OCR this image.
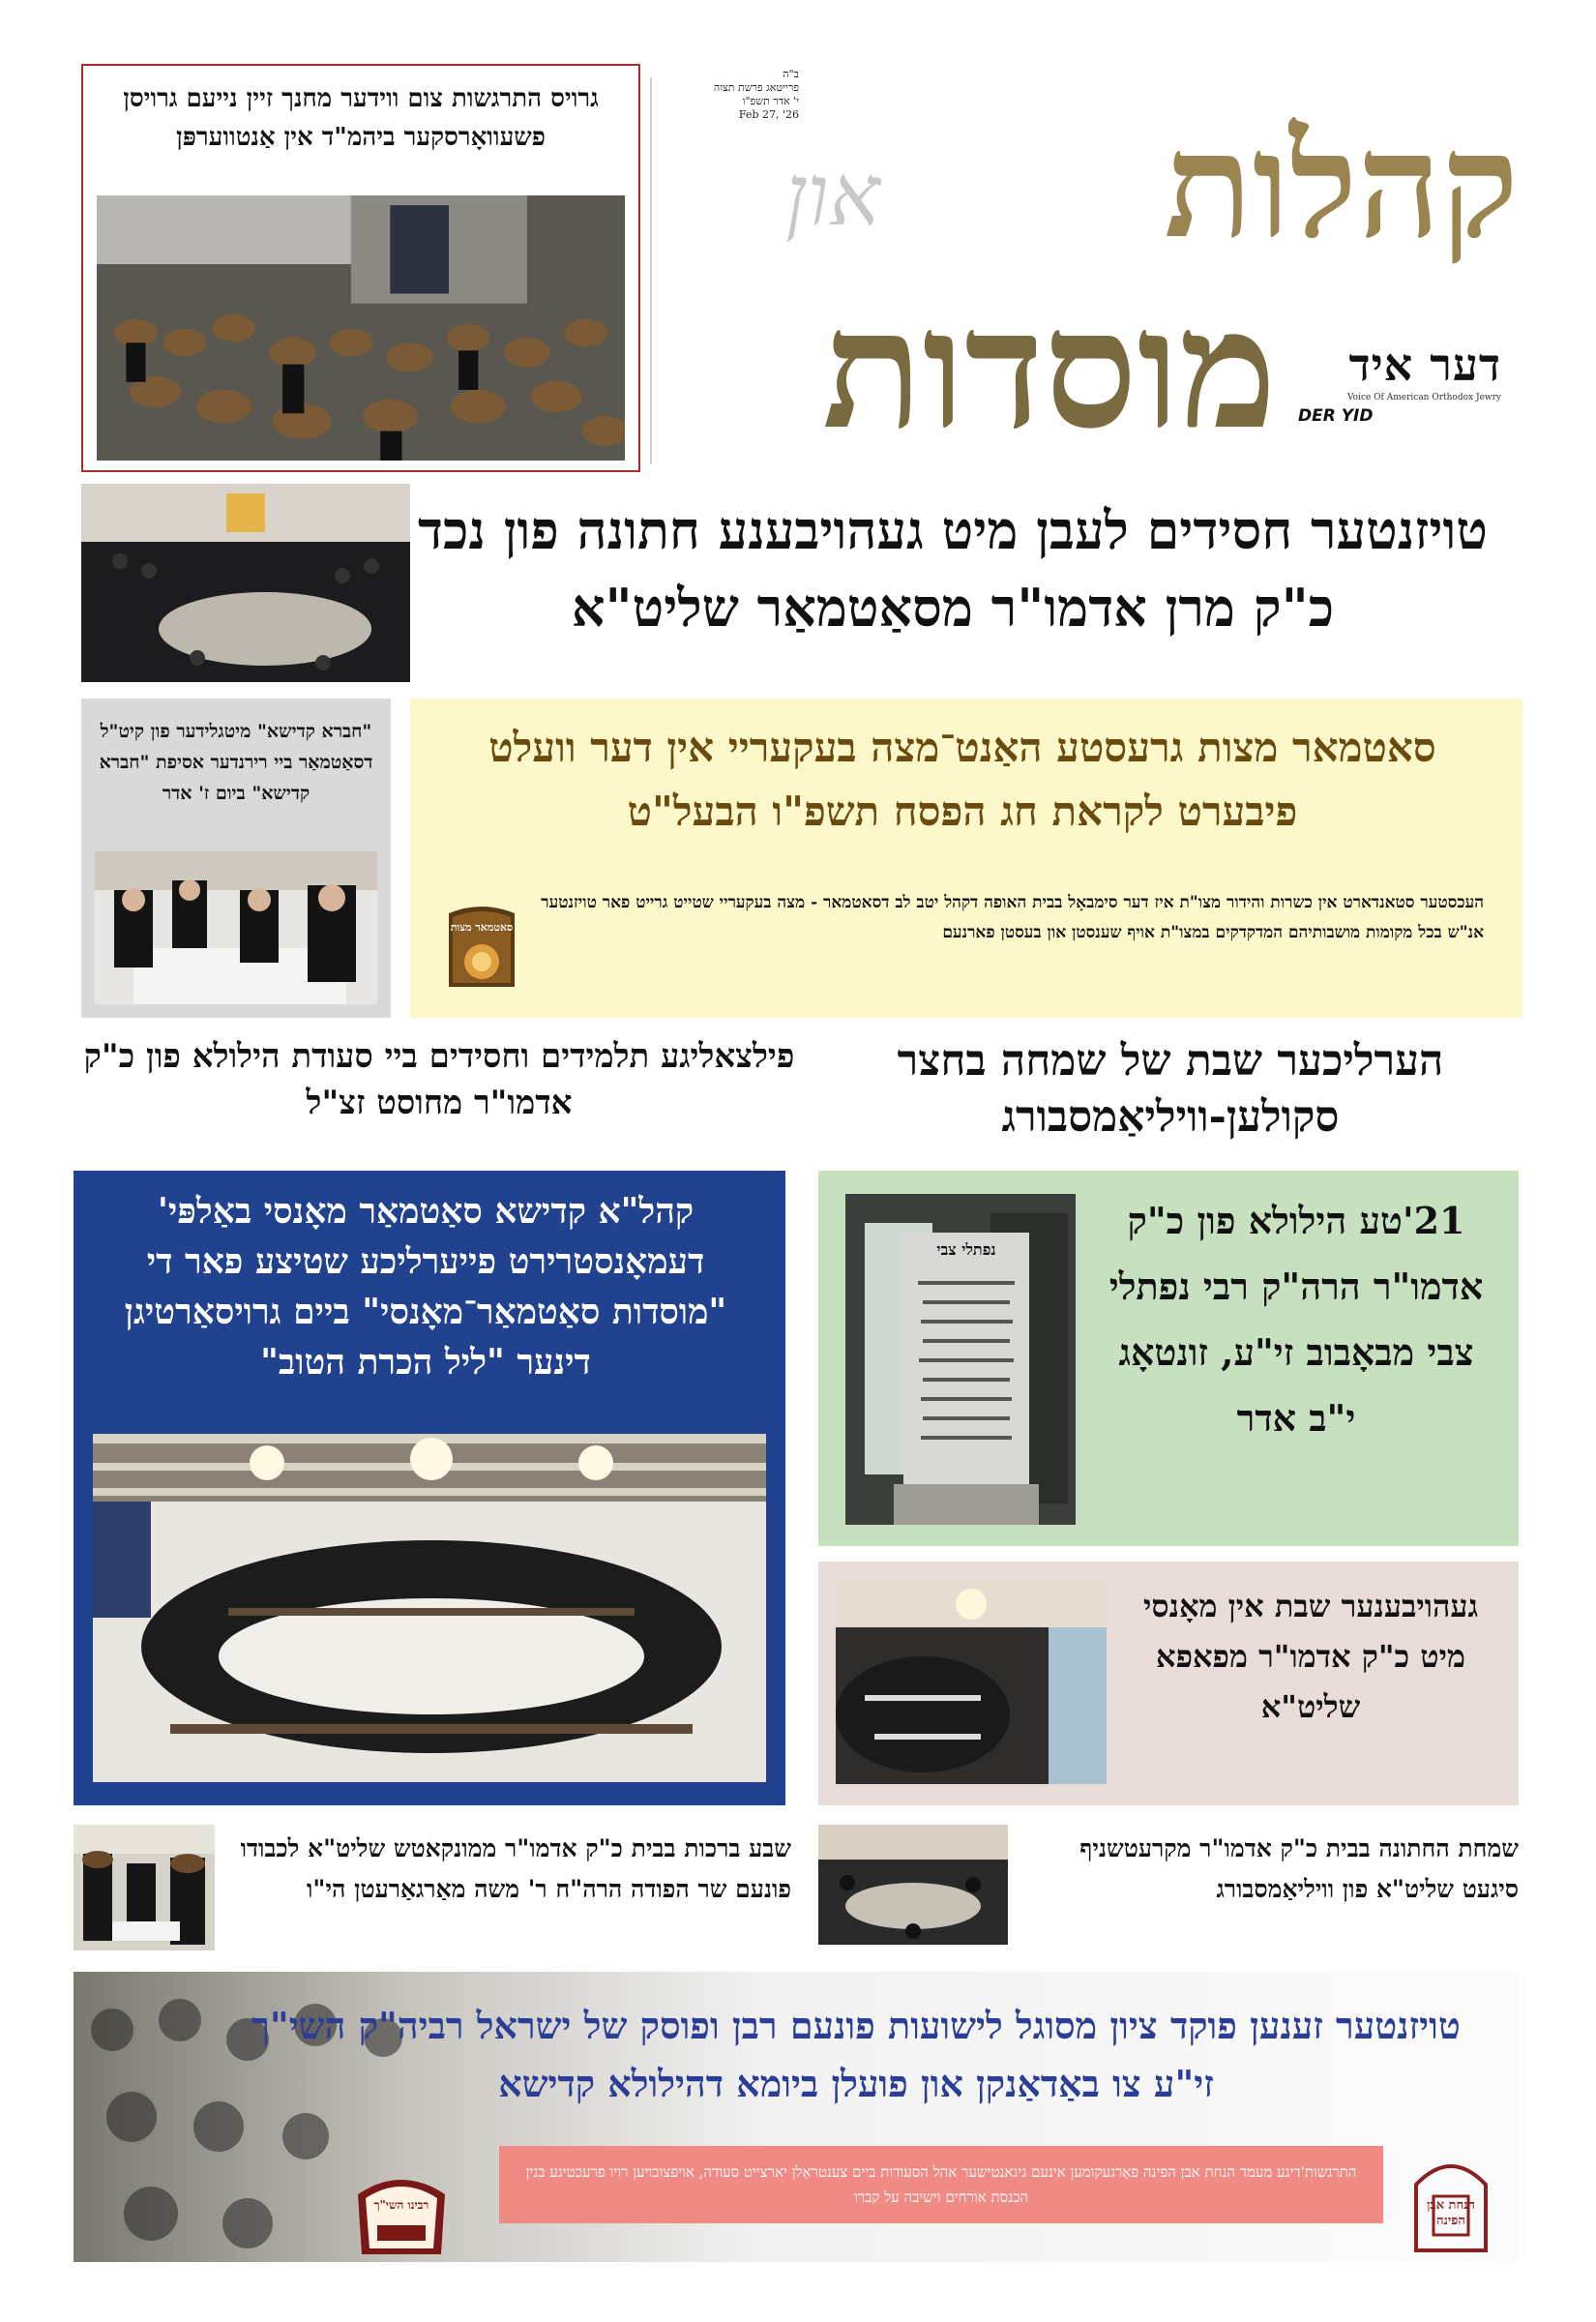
גרויס התרגשות צום ווידער מחנך זיין נייעם גרויסן פשעוואָרסקער ביהמ"ד אין אַנטווערפּן
ב"ה
פרייטאג פרשת תצוה
י' אדר תשפ"ו
Feb 27, '26	קהלות
און
מוסדות	דער איד
Voice Of American Orthodox Jewry
DER YID
טויזנטער חסידים לעבן מיט געהויבענע חתונה פון נכד כ"ק מרן אדמו"ר מסאַטמאַר שליט"א
"חברא קדישא" מיטגלידער פון קיט"ל דסאַטמאַר ביי רירנדער אסיפת "חברא קדישא" ביום ז' אדר
סאטמאר מצות גרעסטע האַנט־מצה בעקעריי אין דער וועלט פיבערט לקראת חג הפסח תשפ"ו הבעל"ט
העכסטער סטאנדארט אין כשרות והידור מצו"ת איז דער סימבאָל בבית האופה דקהל יטב לב דסאטמאר - מצה בעקעריי שטייט גרייט פאר טויזנטער אנ"ש בכל מקומות מושבותיהם המדקדקים במצו"ת אויף שענסטן און בעסטן פארנעם
סאטמאר מצות
פילצאליגע תלמידים וחסידים ביי סעודת הילולא פון כ"ק אדמו"ר מחוסט זצ"ל
הערליכער שבת של שמחה בחצר סקולען-וויליאַמסבורג
קהל"א קדישא סאַטמאַר מאָנסי באַלפּי' דעמאָנסטרירט פייערליכע שטיצע פאר די "מוסדות סאַטמאַר־מאָנסי" ביים גרויסאַרטיגן דינער "ליל הכרת הטוב"
נפתלי צבי
21'טע הילולא פון כ"ק אדמו"ר הרה"ק רבי נפתלי צבי מבאָבוב זי"ע, זונטאָג י"ב אדר
געהויבענער שבת אין מאָנסי מיט כ"ק אדמו"ר מפאפא שליט"א
שבע ברכות בבית כ"ק אדמו"ר ממונקאטש שליט"א לכבודו פונעם שר הפודה הרה"ח ר' משה מאַרגאַרעטן הי"ו
שמחת החתונה בבית כ"ק אדמו"ר מקרעטשניף סיגעט שליט"א פון וויליאַמסבורג
טויזנטער זענען פוקד ציון מסוגל לישועות פונעם רבן ופוסק של ישראל רביה"ק השי"ך זי"ע צו באַדאַנקן און פועלן ביומא דהילולא קדישא
התרגשות'דיגע מעמד הנחת אבן הפינה פאָרגעקומען אינעם גיגאנטישער אהל הסעודות ביים צענטראַלן יארצייט סעודה, אויפצובויען רויו פרעכטיגע בנין הכנסת אורחים וישיבה על קברו
רבינו השי"ך	הנחת אבן הפינה
